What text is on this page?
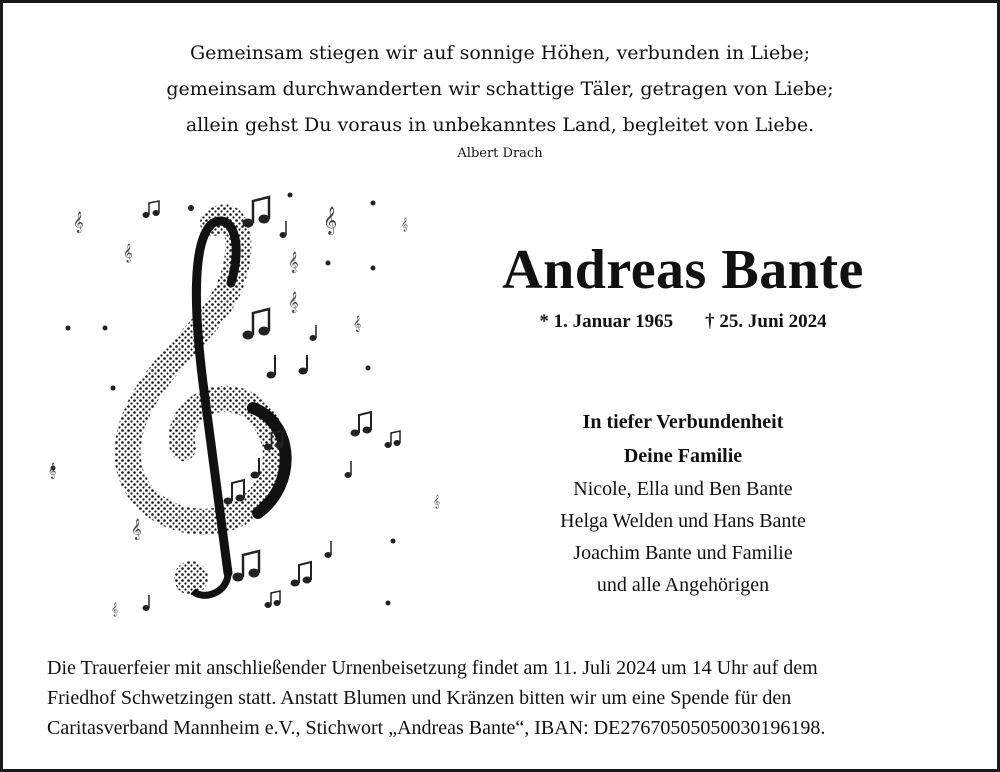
Gemeinsam stiegen wir auf sonnige Höhen, verbunden in Liebe;
gemeinsam durchwanderten wir schattige Täler, getragen von Liebe;
allein gehst Du voraus in unbekanntes Land, begleitet von Liebe.
Albert Drach
𝄞
𝄞
𝄞
𝄞
𝄞
𝄞
𝄞
𝄞
𝄞
𝄞
𝄞
Andreas Bante
* 1. Januar 1965 † 25. Juni 2024
In tiefer Verbundenheit
Deine Familie
Nicole, Ella und Ben Bante
Helga Welden und Hans Bante
Joachim Bante und Familie
und alle Angehörigen
Die Trauerfeier mit anschließender Urnenbeisetzung findet am 11. Juli 2024 um 14 Uhr auf dem
Friedhof Schwetzingen statt. Anstatt Blumen und Kränzen bitten wir um eine Spende für den
Caritasverband Mannheim e.V., Stichwort „Andreas Bante“, IBAN: DE27670505050030196198.
